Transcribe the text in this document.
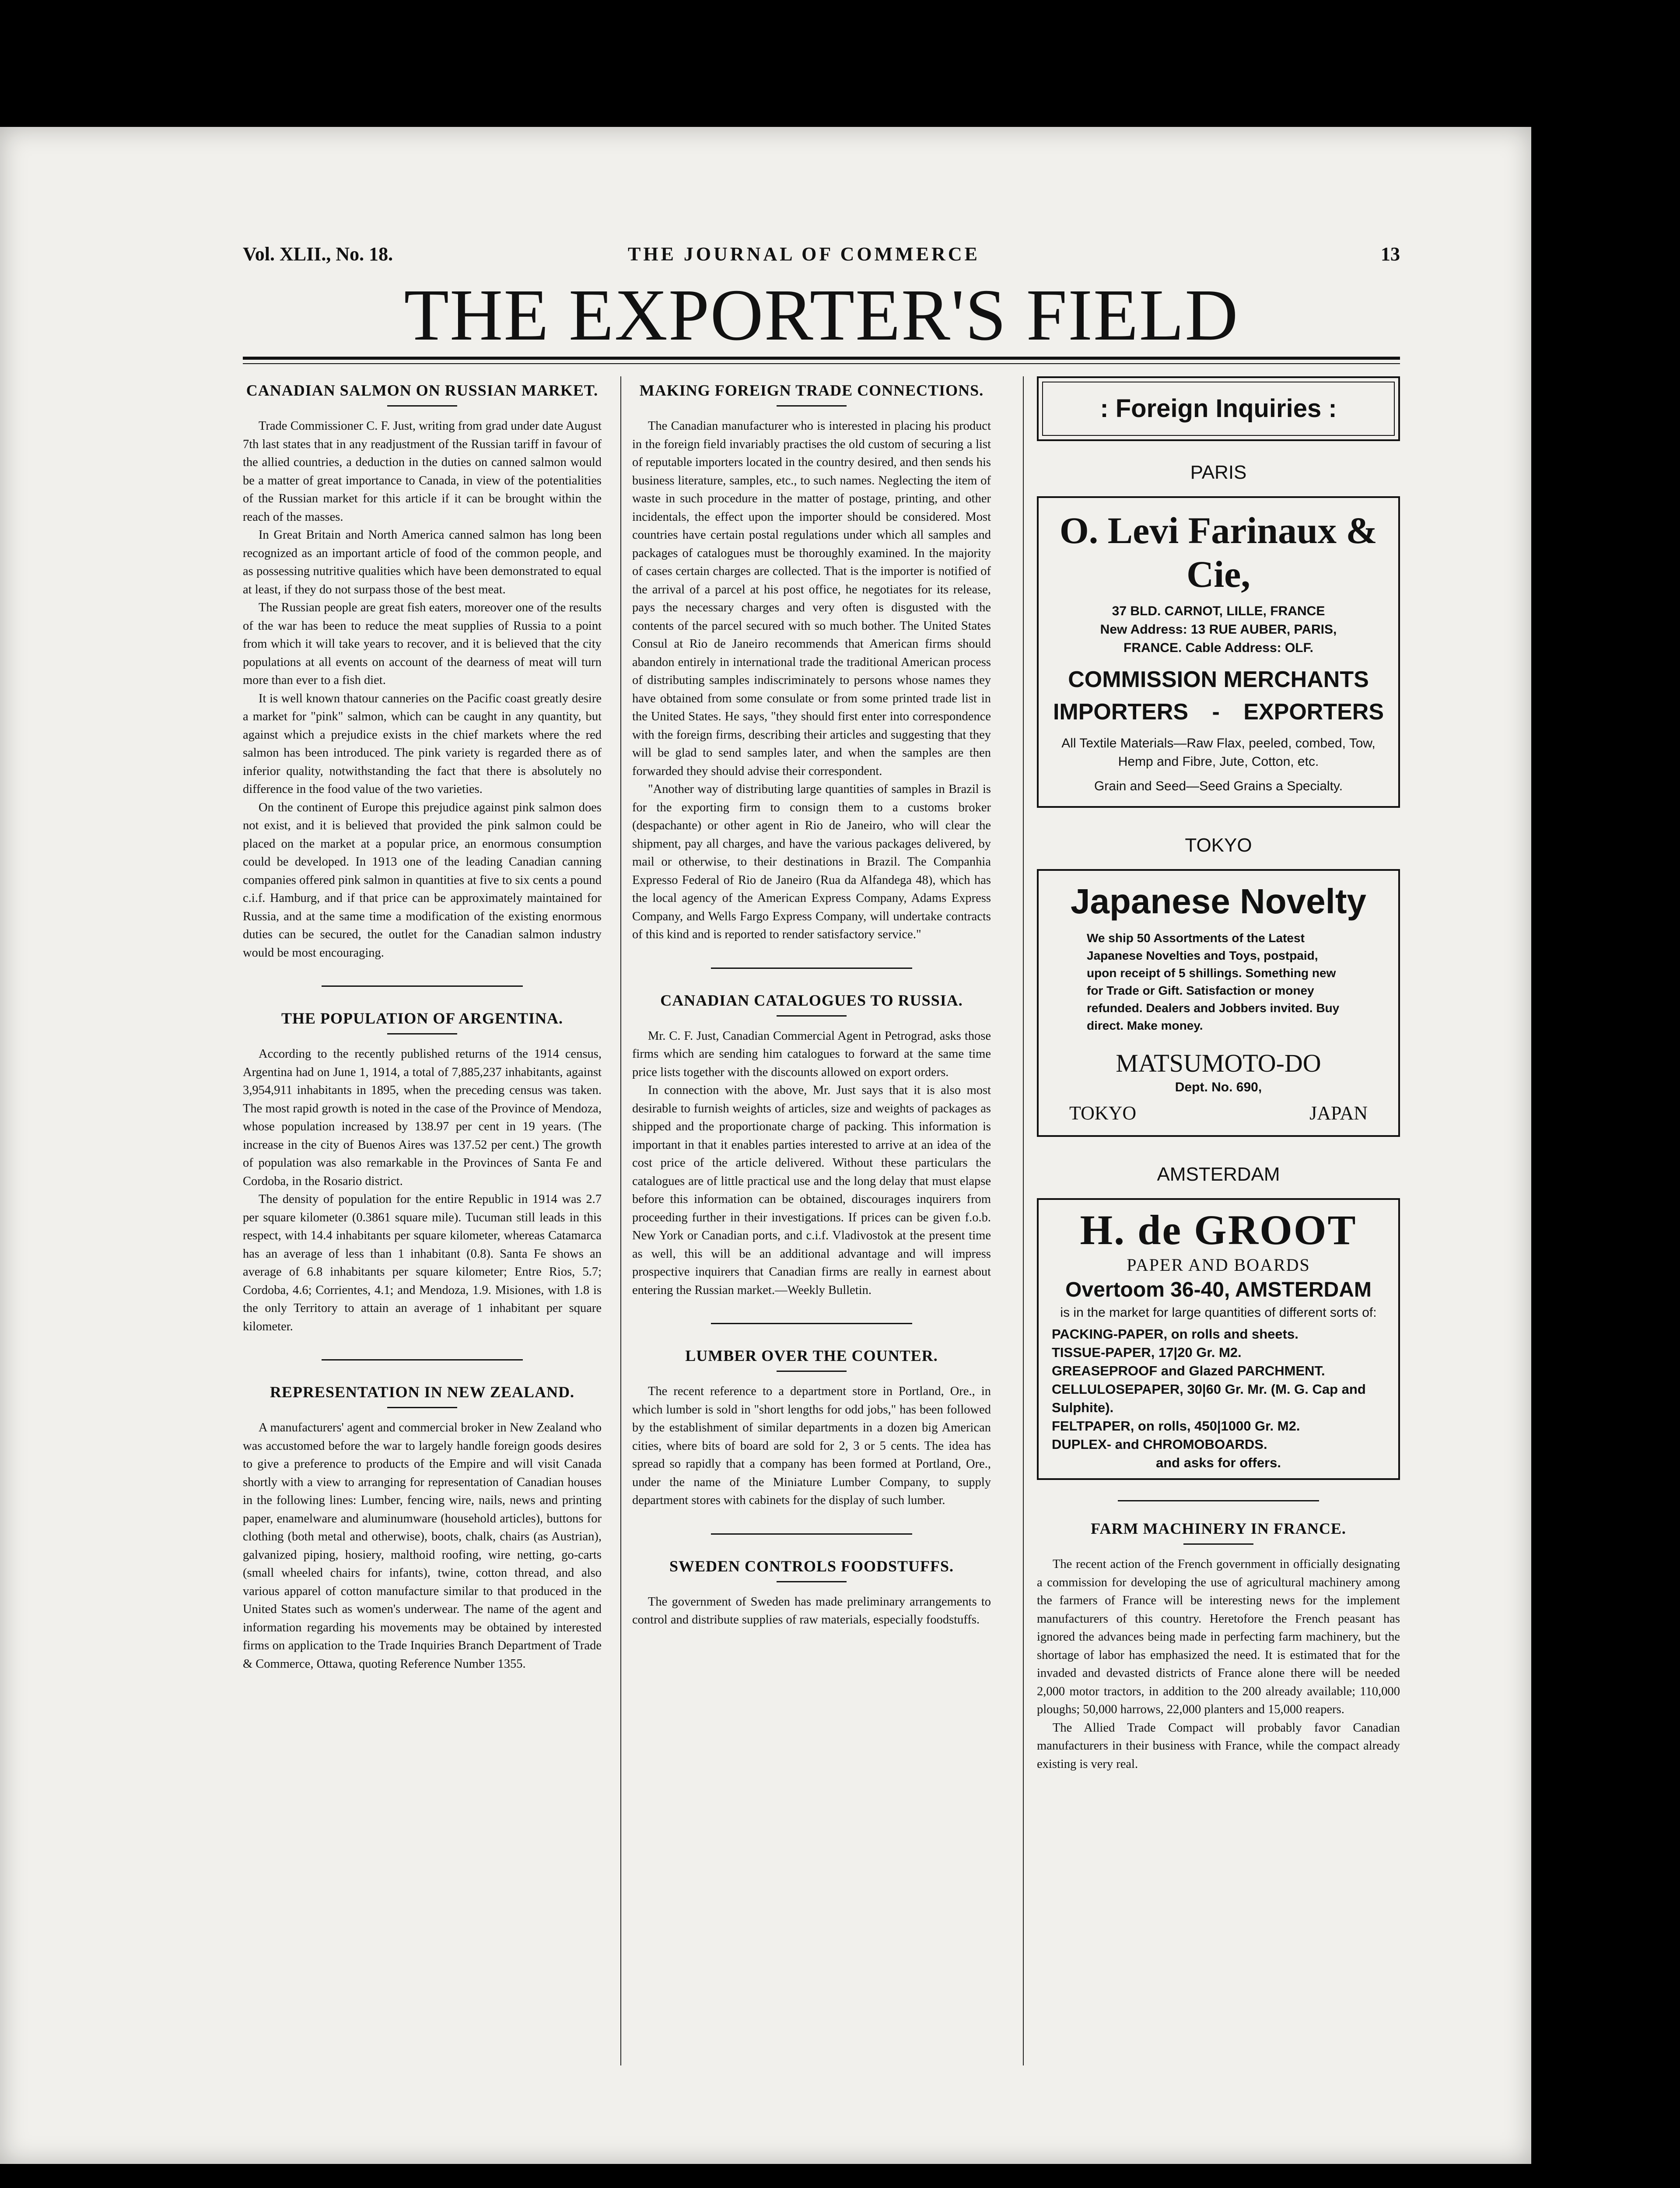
Vol. XLII., No. 18.	THE JOURNAL OF COMMERCE	13
THE EXPORTER'S FIELD
CANADIAN SALMON ON RUSSIAN MARKET.

Trade Commissioner C. F. Just, writing from grad under date August 7th last states that in any readjustment of the Russian tariff in favour of the allied countries, a deduction in the duties on canned salmon would be a matter of great importance to Canada, in view of the potentialities of the Russian market for this article if it can be brought within the reach of the masses.

In Great Britain and North America canned salmon has long been recognized as an important article of food of the common people, and as possessing nutritive qualities which have been demonstrated to equal at least, if they do not surpass those of the best meat.

The Russian people are great fish eaters, moreover one of the results of the war has been to reduce the meat supplies of Russia to a point from which it will take years to recover, and it is believed that the city populations at all events on account of the dearness of meat will turn more than ever to a fish diet.

It is well known thatour canneries on the Pacific coast greatly desire a market for "pink" salmon, which can be caught in any quantity, but against which a prejudice exists in the chief markets where the red salmon has been introduced. The pink variety is regarded there as of inferior quality, notwithstanding the fact that there is absolutely no difference in the food value of the two varieties.

On the continent of Europe this prejudice against pink salmon does not exist, and it is believed that provided the pink salmon could be placed on the market at a popular price, an enormous consumption could be developed. In 1913 one of the leading Canadian canning companies offered pink salmon in quantities at five to six cents a pound c.i.f. Hamburg, and if that price can be approximately maintained for Russia, and at the same time a modification of the existing enormous duties can be secured, the outlet for the Canadian salmon industry would be most encouraging.

THE POPULATION OF ARGENTINA.

According to the recently published returns of the 1914 census, Argentina had on June 1, 1914, a total of 7,885,237 inhabitants, against 3,954,911 inhabitants in 1895, when the preceding census was taken. The most rapid growth is noted in the case of the Province of Mendoza, whose population increased by 138.97 per cent in 19 years. (The increase in the city of Buenos Aires was 137.52 per cent.) The growth of population was also remarkable in the Provinces of Santa Fe and Cordoba, in the Rosario district.

The density of population for the entire Republic in 1914 was 2.7 per square kilometer (0.3861 square mile). Tucuman still leads in this respect, with 14.4 inhabitants per square kilometer, whereas Catamarca has an average of less than 1 inhabitant (0.8). Santa Fe shows an average of 6.8 inhabitants per square kilometer; Entre Rios, 5.7; Cordoba, 4.6; Corrientes, 4.1; and Mendoza, 1.9. Misiones, with 1.8 is the only Territory to attain an average of 1 inhabitant per square kilometer.

REPRESENTATION IN NEW ZEALAND.

A manufacturers' agent and commercial broker in New Zealand who was accustomed before the war to largely handle foreign goods desires to give a preference to products of the Empire and will visit Canada shortly with a view to arranging for representation of Canadian houses in the following lines: Lumber, fencing wire, nails, news and printing paper, enamelware and aluminumware (household articles), buttons for clothing (both metal and otherwise), boots, chalk, chairs (as Austrian), galvanized piping, hosiery, malthoid roofing, wire netting, go-carts (small wheeled chairs for infants), twine, cotton thread, and also various apparel of cotton manufacture similar to that produced in the United States such as women's underwear. The name of the agent and information regarding his movements may be obtained by interested firms on application to the Trade Inquiries Branch Department of Trade & Commerce, Ottawa, quoting Reference Number 1355.

MAKING FOREIGN TRADE CONNECTIONS.

The Canadian manufacturer who is interested in placing his product in the foreign field invariably practises the old custom of securing a list of reputable importers located in the country desired, and then sends his business literature, samples, etc., to such names. Neglecting the item of waste in such procedure in the matter of postage, printing, and other incidentals, the effect upon the importer should be considered. Most countries have certain postal regulations under which all samples and packages of catalogues must be thoroughly examined. In the majority of cases certain charges are collected. That is the importer is notified of the arrival of a parcel at his post office, he negotiates for its release, pays the necessary charges and very often is disgusted with the contents of the parcel secured with so much bother. The United States Consul at Rio de Janeiro recommends that American firms should abandon entirely in international trade the traditional American process of distributing samples indiscriminately to persons whose names they have obtained from some consulate or from some printed trade list in the United States. He says, "they should first enter into correspondence with the foreign firms, describing their articles and suggesting that they will be glad to send samples later, and when the samples are then forwarded they should advise their correspondent.

"Another way of distributing large quantities of samples in Brazil is for the exporting firm to consign them to a customs broker (despachante) or other agent in Rio de Janeiro, who will clear the shipment, pay all charges, and have the various packages delivered, by mail or otherwise, to their destinations in Brazil. The Companhia Expresso Federal of Rio de Janeiro (Rua da Alfandega 48), which has the local agency of the American Express Company, Adams Express Company, and Wells Fargo Express Company, will undertake contracts of this kind and is reported to render satisfactory service."

CANADIAN CATALOGUES TO RUSSIA.

Mr. C. F. Just, Canadian Commercial Agent in Petrograd, asks those firms which are sending him catalogues to forward at the same time price lists together with the discounts allowed on export orders.

In connection with the above, Mr. Just says that it is also most desirable to furnish weights of articles, size and weights of packages as shipped and the proportionate charge of packing. This information is important in that it enables parties interested to arrive at an idea of the cost price of the article delivered. Without these particulars the catalogues are of little practical use and the long delay that must elapse before this information can be obtained, discourages inquirers from proceeding further in their investigations. If prices can be given f.o.b. New York or Canadian ports, and c.i.f. Vladivostok at the present time as well, this will be an additional advantage and will impress prospective inquirers that Canadian firms are really in earnest about entering the Russian market.—Weekly Bulletin.

LUMBER OVER THE COUNTER.

The recent reference to a department store in Portland, Ore., in which lumber is sold in "short lengths for odd jobs," has been followed by the establishment of similar departments in a dozen big American cities, where bits of board are sold for 2, 3 or 5 cents. The idea has spread so rapidly that a company has been formed at Portland, Ore., under the name of the Miniature Lumber Company, to supply department stores with cabinets for the display of such lumber.

SWEDEN CONTROLS FOODSTUFFS.

The government of Sweden has made preliminary arrangements to control and distribute supplies of raw materials, especially foodstuffs.

: Foreign Inquiries :
PARIS
O. Levi Farinaux & Cie,
37 BLD. CARNOT, LILLE, FRANCE
New Address: 13 RUE AUBER, PARIS,
FRANCE. Cable Address: OLF.
COMMISSION MERCHANTS
IMPORTERS - EXPORTERS
All Textile Materials—Raw Flax, peeled, combed, Tow, Hemp and Fibre, Jute, Cotton, etc.
Grain and Seed—Seed Grains a Specialty.
TOKYO
Japanese Novelty
We ship 50 Assortments of the Latest Japanese Novelties and Toys, postpaid, upon receipt of 5 shillings. Something new for Trade or Gift. Satisfaction or money refunded. Dealers and Jobbers invited. Buy direct. Make money.
MATSUMOTO-DO
Dept. No. 690,
TOKYO	JAPAN
AMSTERDAM
H. de GROOT
PAPER AND BOARDS
Overtoom 36-40, AMSTERDAM
is in the market for large quantities of different sorts of:
PACKING-PAPER, on rolls and sheets.
TISSUE-PAPER, 17|20 Gr. M2.
GREASEPROOF and Glazed PARCHMENT.
CELLULOSEPAPER, 30|60 Gr. Mr. (M. G. Cap and Sulphite).
FELTPAPER, on rolls, 450|1000 Gr. M2.
DUPLEX- and CHROMOBOARDS.
and asks for offers.
FARM MACHINERY IN FRANCE.

The recent action of the French government in officially designating a commission for developing the use of agricultural machinery among the farmers of France will be interesting news for the implement manufacturers of this country. Heretofore the French peasant has ignored the advances being made in perfecting farm machinery, but the shortage of labor has emphasized the need. It is estimated that for the invaded and devasted districts of France alone there will be needed 2,000 motor tractors, in addition to the 200 already available; 110,000 ploughs; 50,000 harrows, 22,000 planters and 15,000 reapers.

The Allied Trade Compact will probably favor Canadian manufacturers in their business with France, while the compact already existing is very real.
